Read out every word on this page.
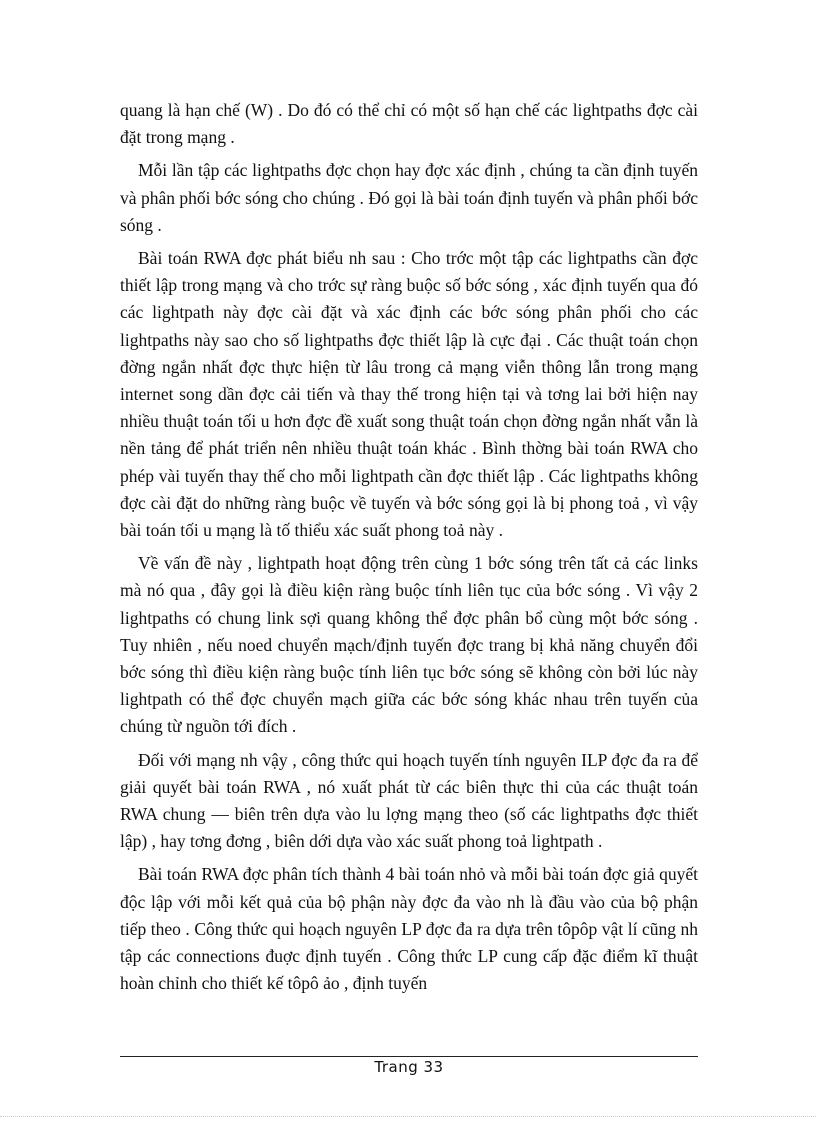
quang là hạn chế (W) . Do đó có thể chỉ có một số hạn chế các lightpaths đợc cài đặt trong mạng .

Mỗi lần tập các lightpaths đợc chọn hay đợc xác định , chúng ta cần định tuyến và phân phối bớc sóng cho chúng . Đó gọi là bài toán định tuyến và phân phối bớc sóng .

Bài toán RWA đợc phát biểu nh sau : Cho trớc một tập các lightpaths cần đợc thiết lập trong mạng và cho trớc sự ràng buộc số bớc sóng , xác định tuyến qua đó các lightpath này đợc cài đặt và xác định các bớc sóng phân phối cho các lightpaths này sao cho số lightpaths đợc thiết lập là cực đại . Các thuật toán chọn đờng ngắn nhất đợc thực hiện từ lâu trong cả mạng viễn thông lẫn trong mạng internet song dần đợc cải tiến và thay thế trong hiện tại và tơng lai bởi hiện nay nhiều thuật toán tối u hơn đợc đề xuất song thuật toán chọn đờng ngắn nhất vẫn là nền tảng để phát triển nên nhiều thuật toán khác . Bình thờng bài toán RWA cho phép vài tuyến thay thế cho mỗi lightpath cần đợc thiết lập . Các lightpaths không đợc cài đặt do những ràng buộc về tuyến và bớc sóng gọi là bị phong toả , vì vậy bài toán tối u mạng là tố thiểu xác suất phong toả này .

Về vấn đề này , lightpath hoạt động trên cùng 1 bớc sóng trên tất cả các links mà nó qua , đây gọi là điều kiện ràng buộc tính liên tục của bớc sóng . Vì vậy 2 lightpaths có chung link sợi quang không thể đợc phân bổ cùng một bớc sóng . Tuy nhiên , nếu noed chuyển mạch/định tuyến đợc trang bị khả năng chuyển đổi bớc sóng thì điều kiện ràng buộc tính liên tục bớc sóng sẽ không còn bởi lúc này lightpath có thể đợc chuyển mạch giữa các bớc sóng khác nhau trên tuyến của chúng từ nguồn tới đích .

Đối với mạng nh vậy , công thức qui hoạch tuyến tính nguyên ILP đợc đa ra để giải quyết bài toán RWA , nó xuất phát từ các biên thực thi của các thuật toán RWA chung — biên trên dựa vào lu lợng mạng theo (số các lightpaths đợc thiết lập) , hay tơng đơng , biên dới dựa vào xác suất phong toả lightpath .

Bài toán RWA đợc phân tích thành 4 bài toán nhỏ và mỗi bài toán đợc giả quyết độc lập với mỗi kết quả của bộ phận này đợc đa vào nh là đầu vào của bộ phận tiếp theo . Công thức qui hoạch nguyên LP đợc đa ra dựa trên tôpôp vật lí cũng nh tập các connections đuợc định tuyến . Công thức LP cung cấp đặc điểm kĩ thuật hoàn chỉnh cho thiết kế tôpô ảo , định tuyến

Trang 33
